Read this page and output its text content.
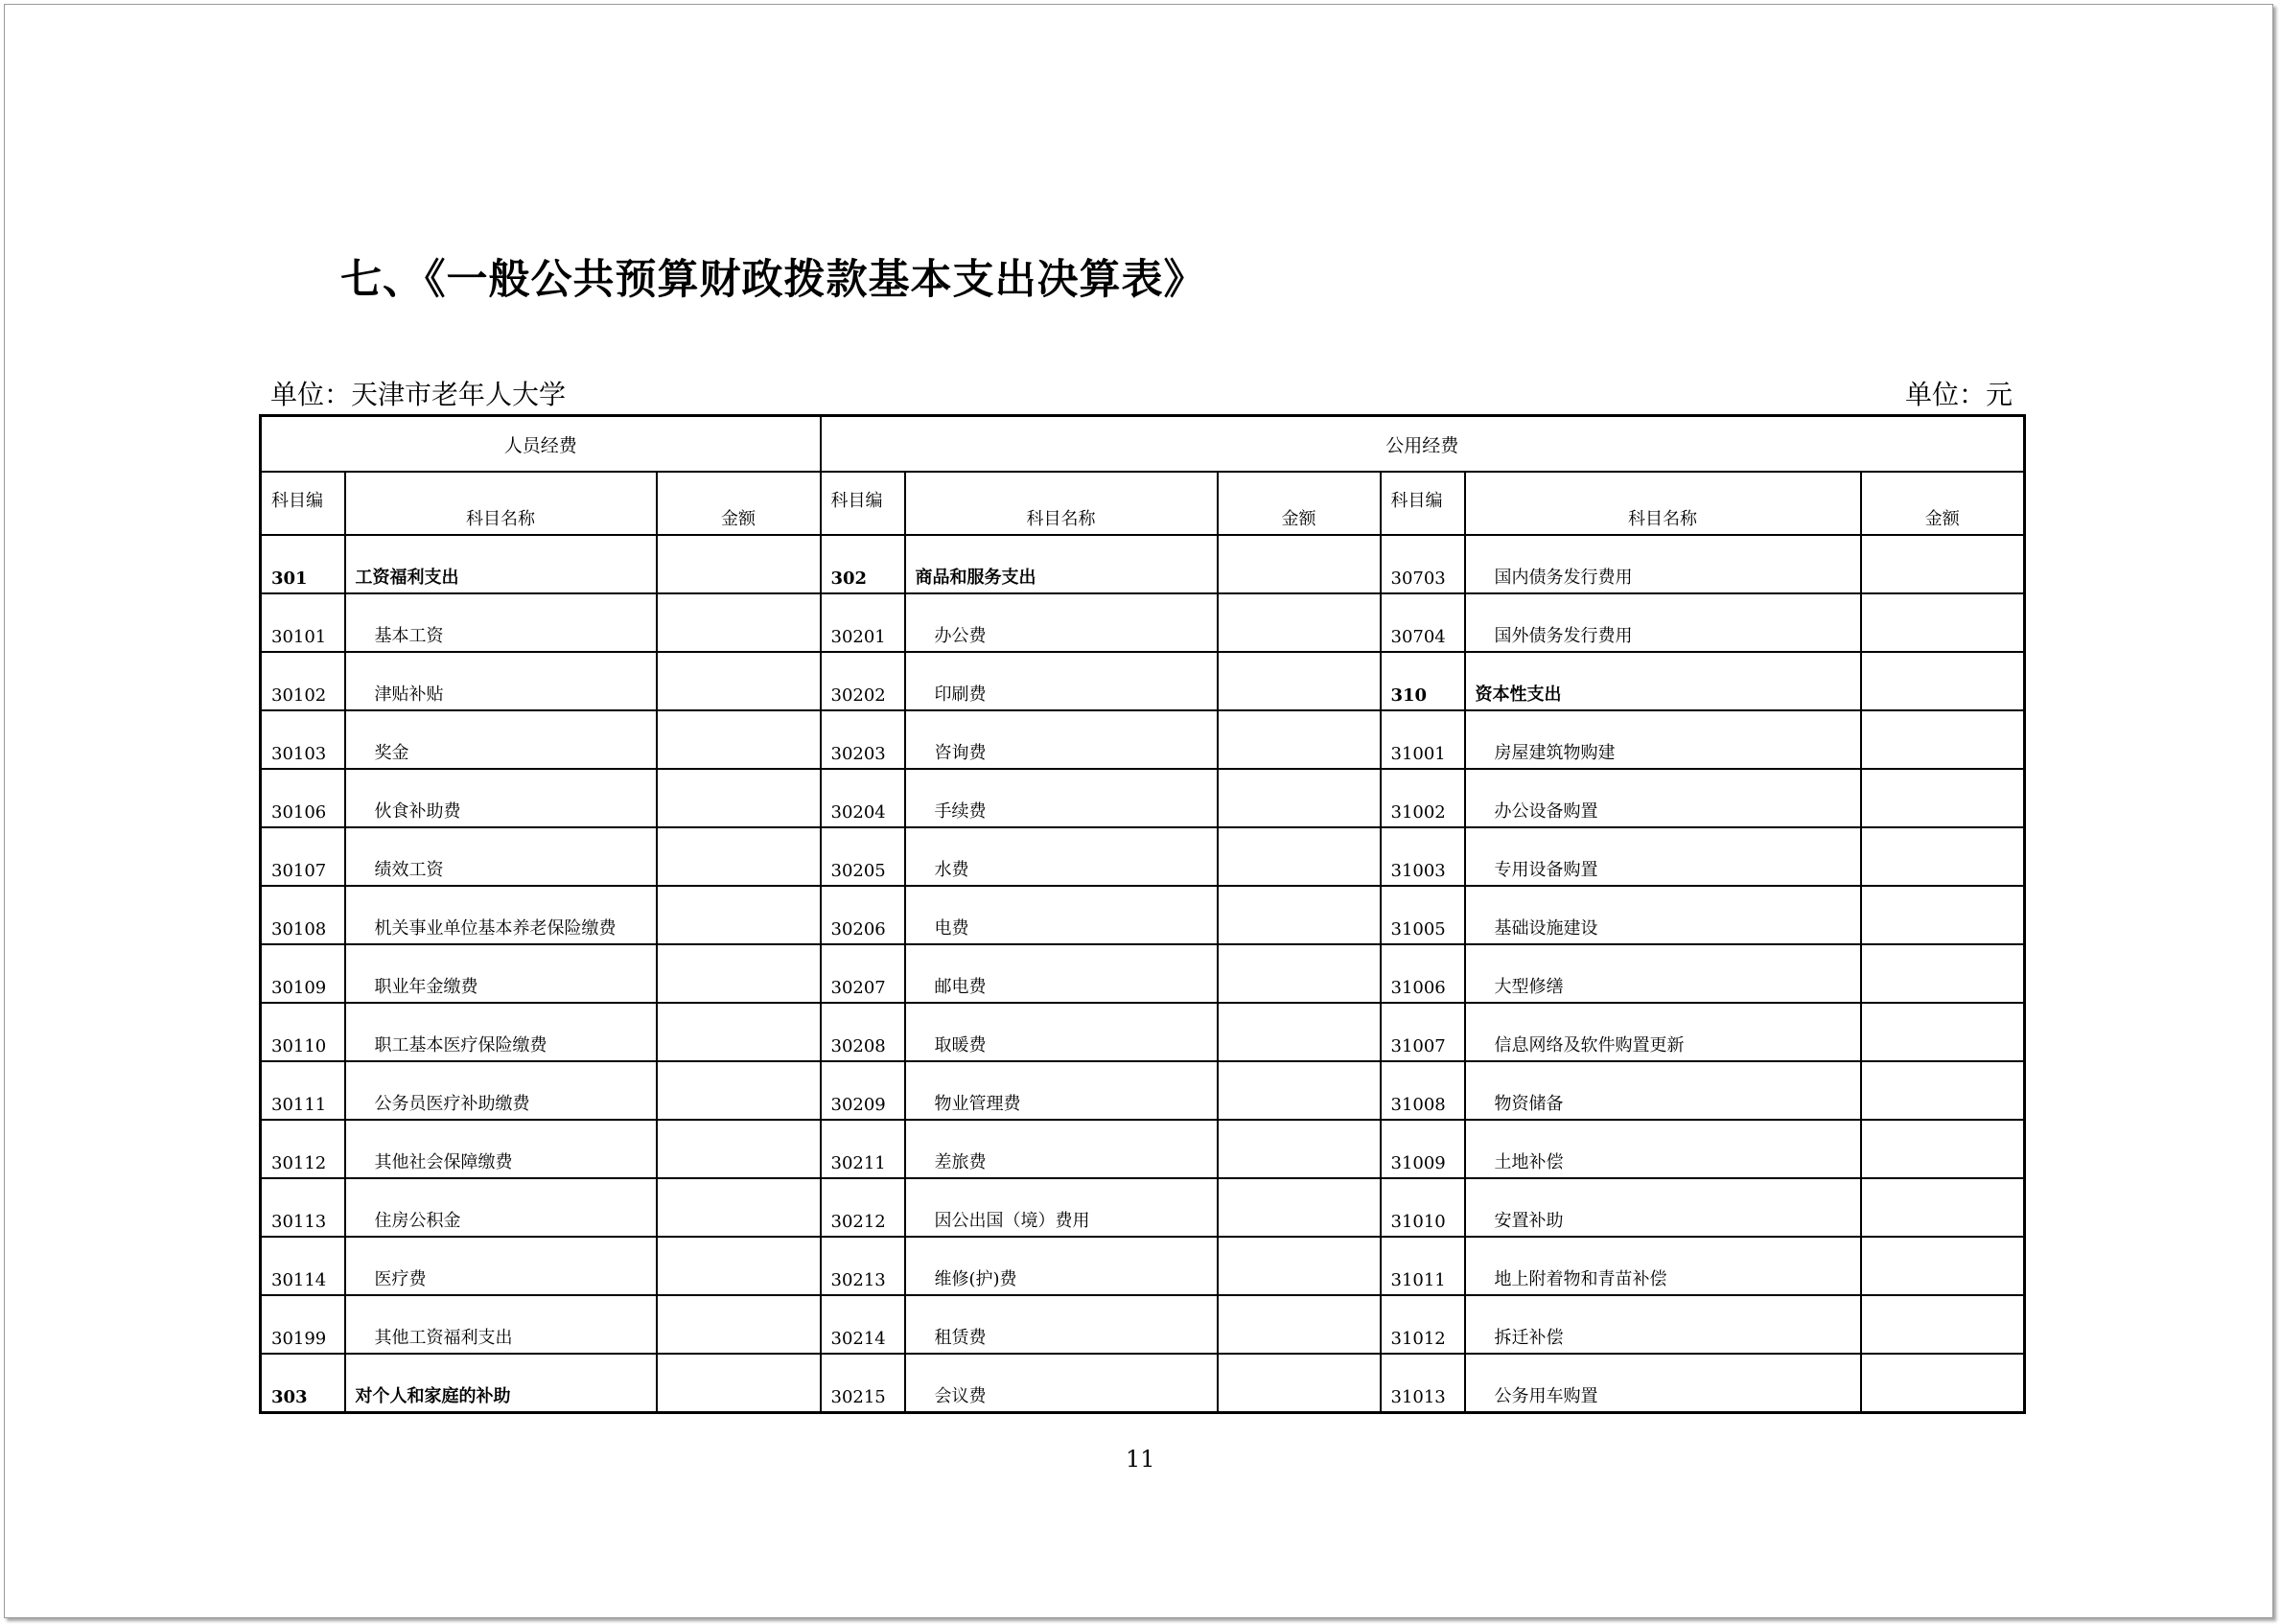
七、《一般公共预算财政拨款基本支出决算表》
单位：天津市老年人大学	单位：元
人员经费			公用经费					
科目编	科目名称	金额	科目编	科目名称	金额	科目编	科目名称	金额
301	工资福利支出		302	商品和服务支出		30703	国内债务发行费用	
30101	基本工资		30201	办公费		30704	国外债务发行费用	
30102	津贴补贴		30202	印刷费		310	资本性支出	
30103	奖金		30203	咨询费		31001	房屋建筑物购建	
30106	伙食补助费		30204	手续费		31002	办公设备购置	
30107	绩效工资		30205	水费		31003	专用设备购置	
30108	机关事业单位基本养老保险缴费		30206	电费		31005	基础设施建设	
30109	职业年金缴费		30207	邮电费		31006	大型修缮	
30110	职工基本医疗保险缴费		30208	取暖费		31007	信息网络及软件购置更新	
30111	公务员医疗补助缴费		30209	物业管理费		31008	物资储备	
30112	其他社会保障缴费		30211	差旅费		31009	土地补偿	
30113	住房公积金		30212	因公出国（境）费用		31010	安置补助	
30114	医疗费		30213	维修(护)费		31011	地上附着物和青苗补偿	
30199	其他工资福利支出		30214	租赁费		31012	拆迁补偿	
303	对个人和家庭的补助		30215	会议费		31013	公务用车购置	
11
